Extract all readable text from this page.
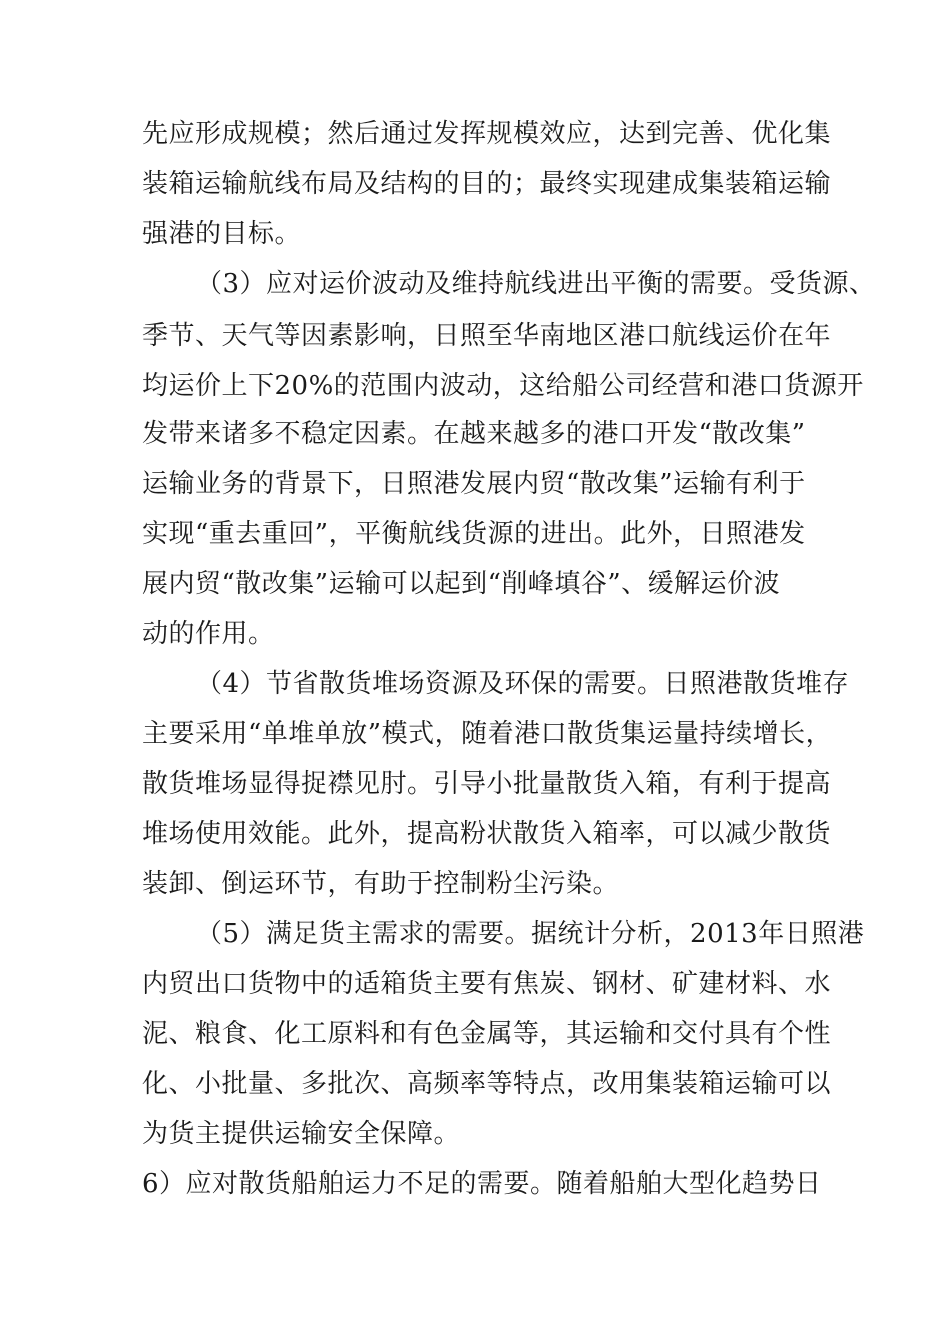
先应形成规模；然后通过发挥规模效应，达到完善、优化集
装箱运输航线布局及结构的目的；最终实现建成集装箱运输
强港的目标。
（3）应对运价波动及维持航线进出平衡的需要。受货源、
季节、天气等因素影响，日照至华南地区港口航线运价在年
均运价上下20%的范围内波动，这给船公司经营和港口货源开
发带来诸多不稳定因素。在越来越多的港口开发“散改集”
运输业务的背景下，日照港发展内贸“散改集”运输有利于
实现“重去重回”，平衡航线货源的进出。此外，日照港发
展内贸“散改集”运输可以起到“削峰填谷”、缓解运价波
动的作用。
（4）节省散货堆场资源及环保的需要。日照港散货堆存
主要采用“单堆单放”模式，随着港口散货集运量持续增长，
散货堆场显得捉襟见肘。引导小批量散货入箱，有利于提高
堆场使用效能。此外，提高粉状散货入箱率，可以减少散货
装卸、倒运环节，有助于控制粉尘污染。
（5）满足货主需求的需要。据统计分析，2013年日照港
内贸出口货物中的适箱货主要有焦炭、钢材、矿建材料、水
泥、粮食、化工原料和有色金属等，其运输和交付具有个性
化、小批量、多批次、高频率等特点，改用集装箱运输可以
为货主提供运输安全保障。
6）应对散货船舶运力不足的需要。随着船舶大型化趋势日
